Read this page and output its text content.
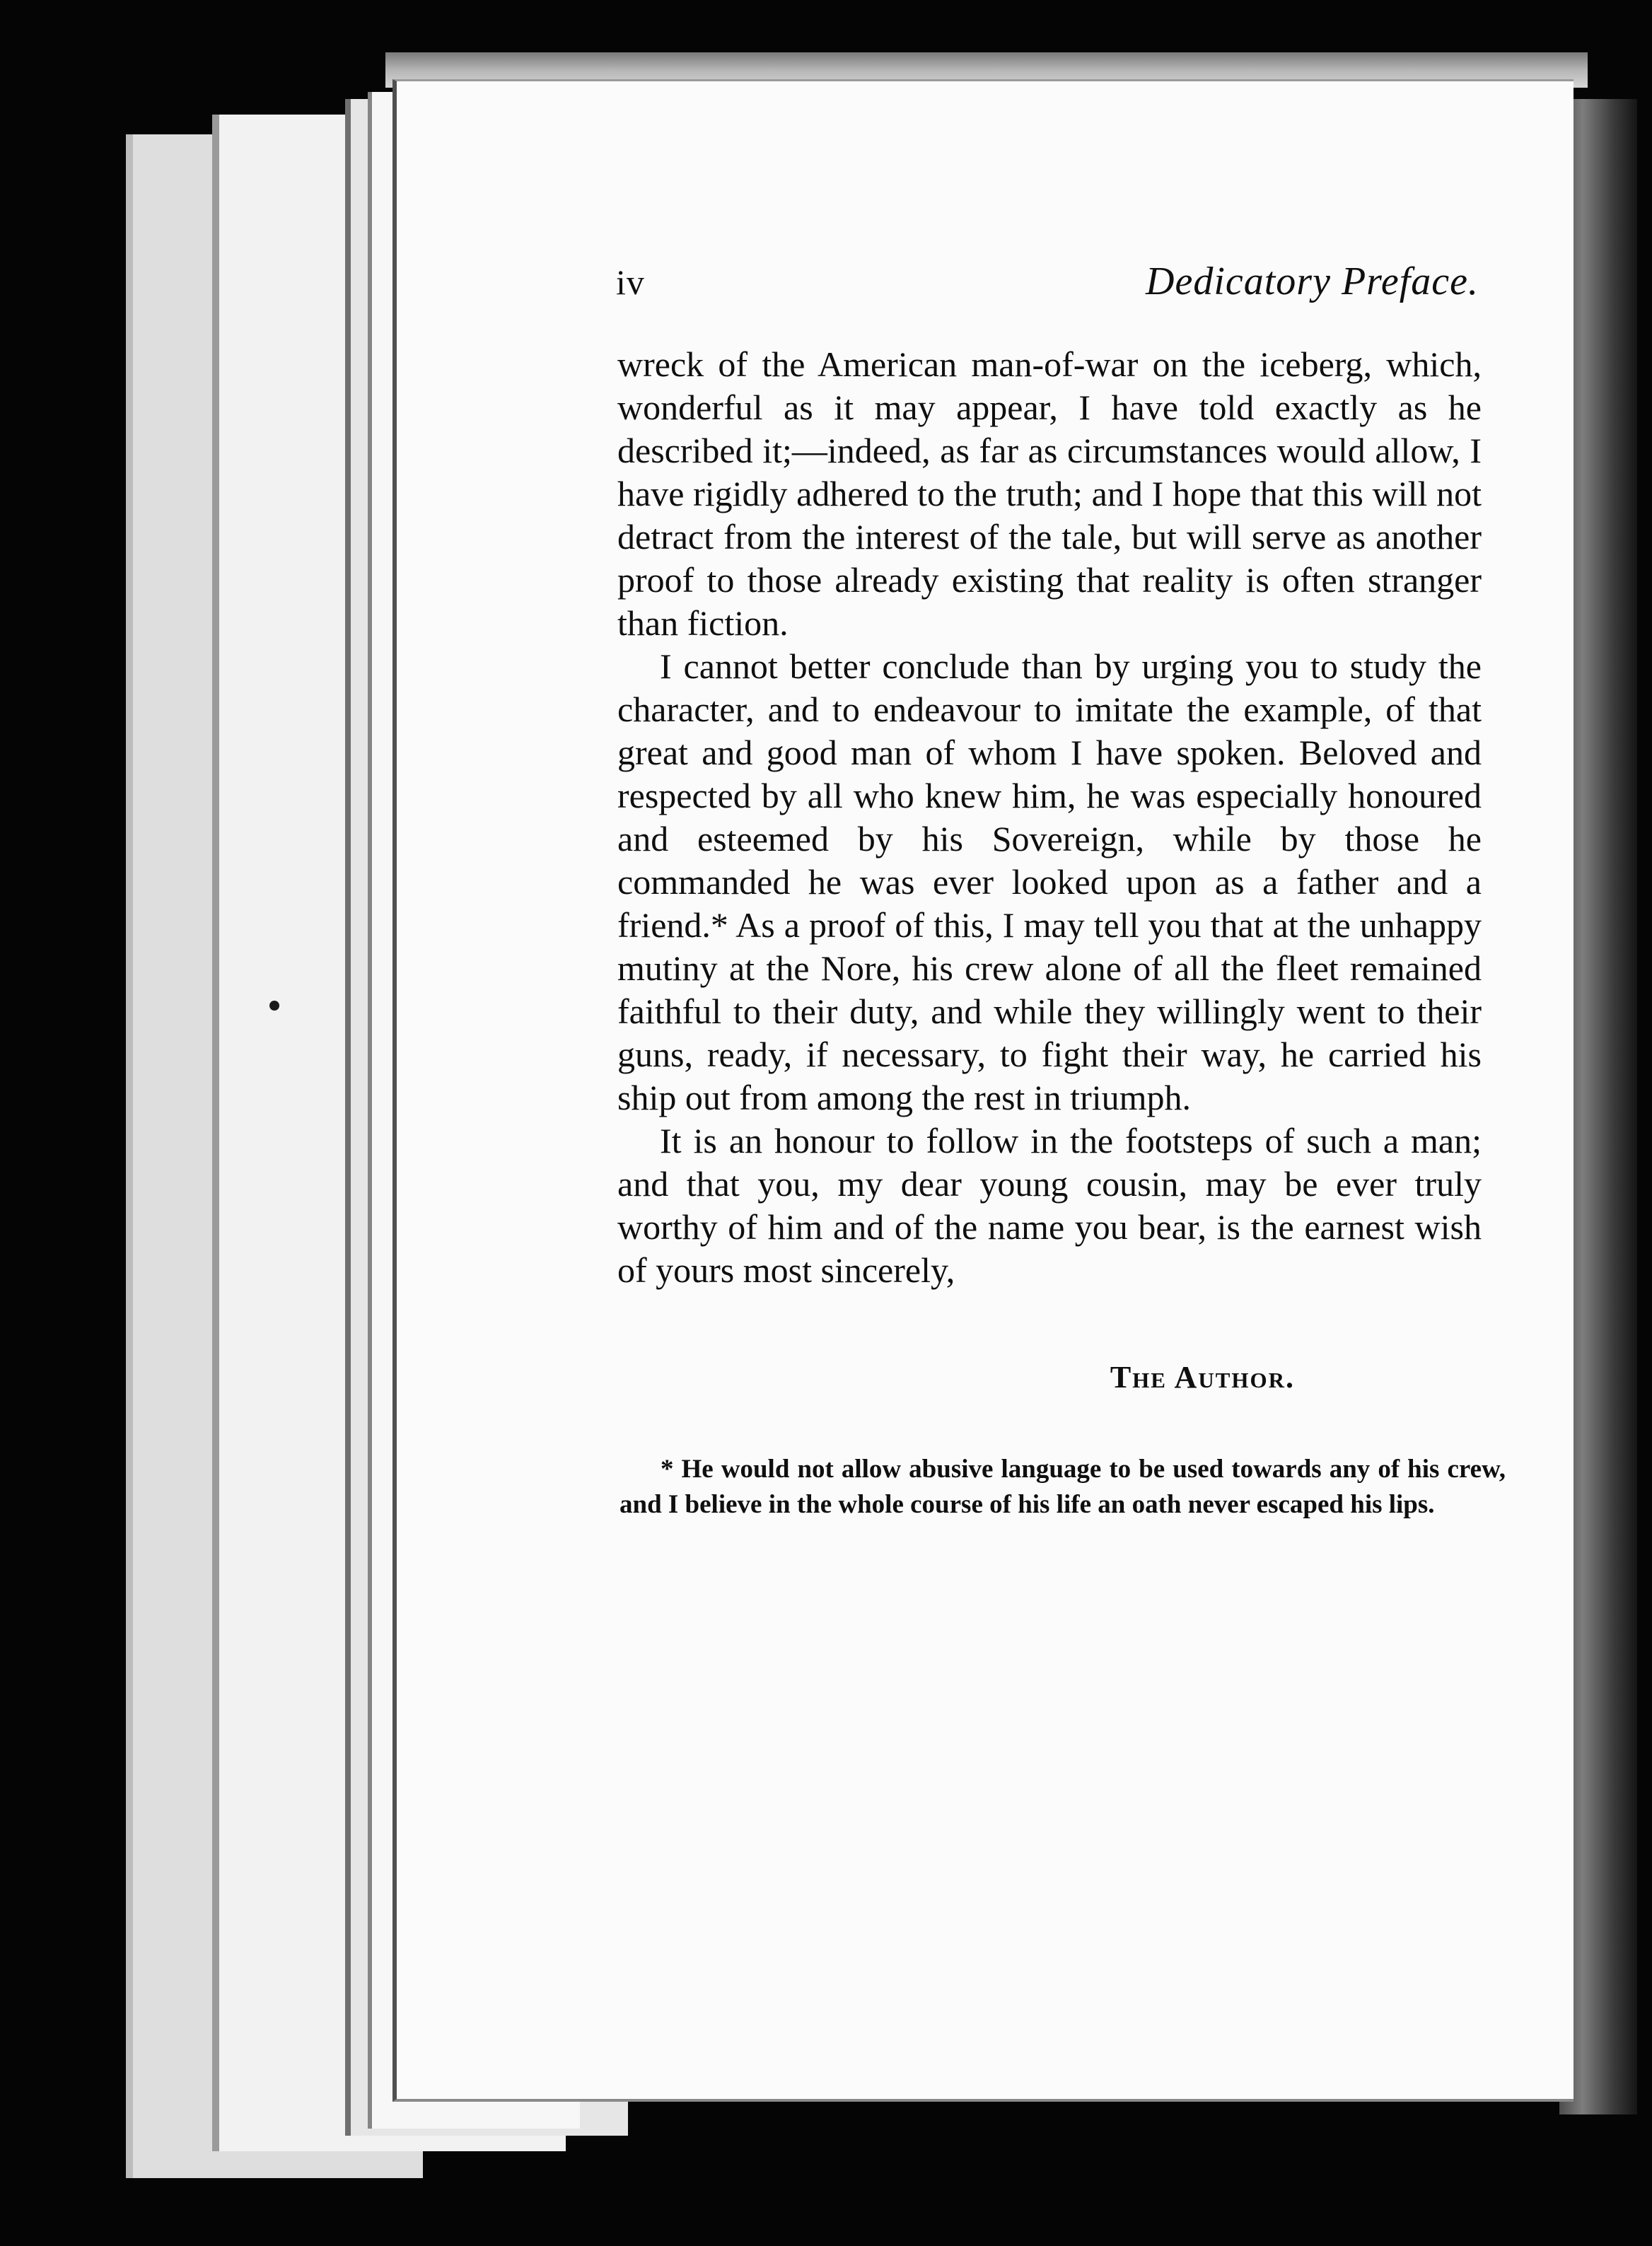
iv	Dedicatory Preface.

wreck of the American man-of-war on the iceberg, which, wonderful as it may appear, I have told exactly as he described it;—indeed, as far as circumstances would allow, I have rigidly adhered to the truth; and I hope that this will not detract from the interest of the tale, but will serve as another proof to those already existing that reality is often stranger than fiction.

I cannot better conclude than by urging you to study the character, and to endeavour to imitate the example, of that great and good man of whom I have spoken. Beloved and respected by all who knew him, he was especially honoured and esteemed by his Sovereign, while by those he commanded he was ever looked upon as a father and a friend.* As a proof of this, I may tell you that at the unhappy mutiny at the Nore, his crew alone of all the fleet remained faithful to their duty, and while they willingly went to their guns, ready, if necessary, to fight their way, he carried his ship out from among the rest in triumph.

It is an honour to follow in the footsteps of such a man; and that you, my dear young cousin, may be ever truly worthy of him and of the name you bear, is the earnest wish of yours most sincerely,

The Author.
* He would not allow abusive language to be used towards any of his crew, and I believe in the whole course of his life an oath never escaped his lips.
